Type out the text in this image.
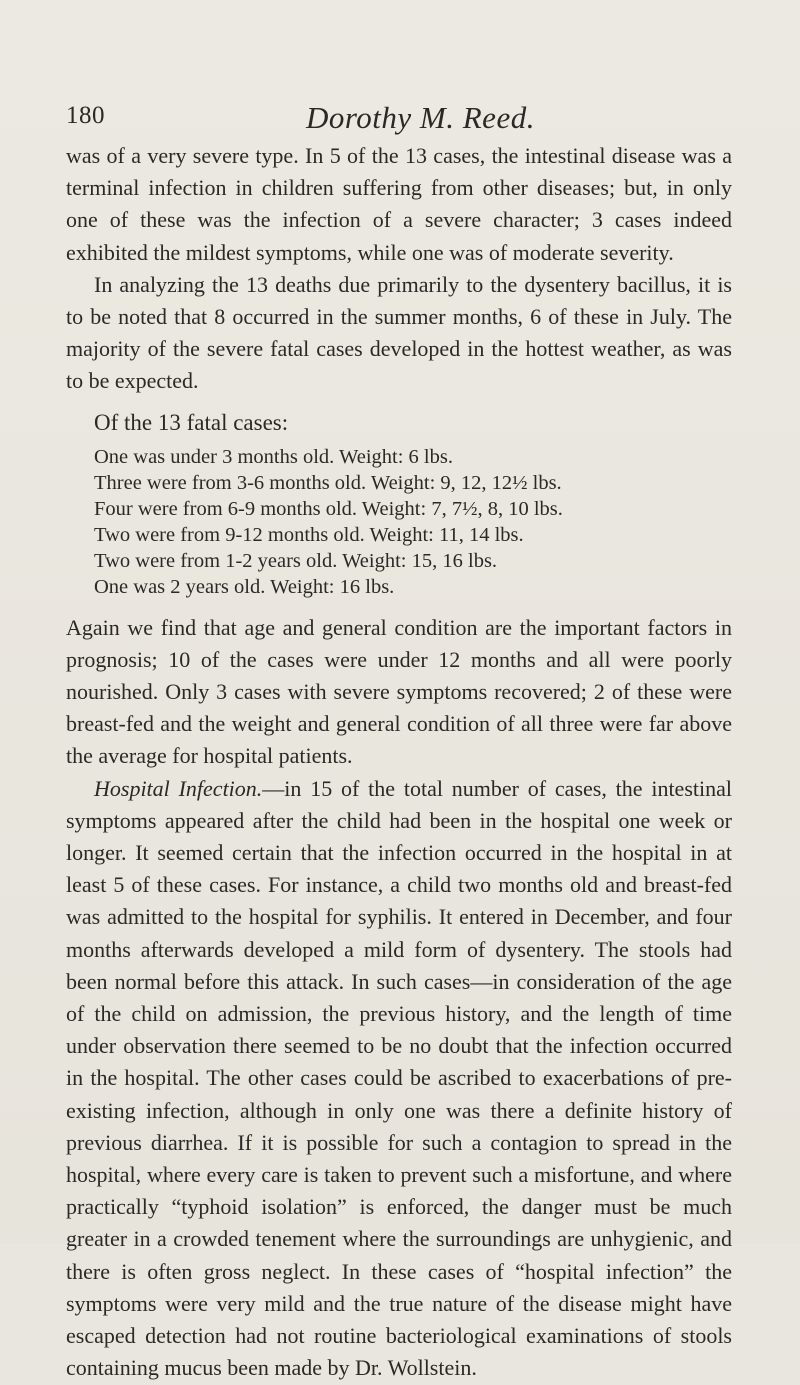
180	Dorothy M. Reed.

was of a very severe type. In 5 of the 13 cases, the intestinal disease was a terminal infection in children suffering from other diseases; but, in only one of these was the infection of a severe character; 3 cases indeed exhibited the mildest symptoms, while one was of moderate severity.

In analyzing the 13 deaths due primarily to the dysentery bacillus, it is to be noted that 8 occurred in the summer months, 6 of these in July. The majority of the severe fatal cases developed in the hottest weather, as was to be expected.

Of the 13 fatal cases:

One was under 3 months old. Weight: 6 lbs.
Three were from 3-6 months old. Weight: 9, 12, 12½ lbs.
Four were from 6-9 months old. Weight: 7, 7½, 8, 10 lbs.
Two were from 9-12 months old. Weight: 11, 14 lbs.
Two were from 1-2 years old. Weight: 15, 16 lbs.
One was 2 years old. Weight: 16 lbs.

Again we find that age and general condition are the important factors in prognosis; 10 of the cases were under 12 months and all were poorly nourished. Only 3 cases with severe symptoms recovered; 2 of these were breast-fed and the weight and general condition of all three were far above the average for hospital patients.

Hospital Infection.—in 15 of the total number of cases, the intestinal symptoms appeared after the child had been in the hospital one week or longer. It seemed certain that the infection occurred in the hospital in at least 5 of these cases. For instance, a child two months old and breast-fed was admitted to the hospital for syphilis. It entered in December, and four months afterwards developed a mild form of dysentery. The stools had been normal before this attack. In such cases—in consideration of the age of the child on admission, the previous history, and the length of time under observation there seemed to be no doubt that the infection occurred in the hospital. The other cases could be ascribed to exacerbations of pre-existing infection, although in only one was there a definite history of previous diarrhea. If it is possible for such a contagion to spread in the hospital, where every care is taken to prevent such a misfortune, and where practically “typhoid isolation” is enforced, the danger must be much greater in a crowded tenement where the surroundings are unhygienic, and there is often gross neglect. In these cases of “hospital infection” the symptoms were very mild and the true nature of the disease might have escaped detection had not routine bacteriological examinations of stools containing mucus been made by Dr. Wollstein.
